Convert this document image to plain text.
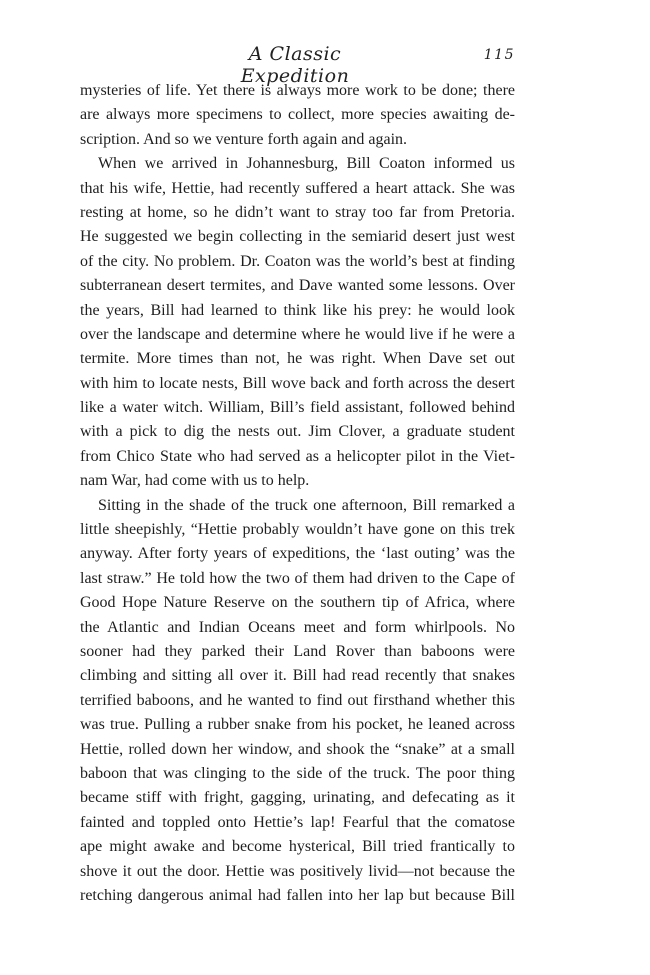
A Classic Expedition
115
mysteries of life. Yet there is always more work to be done; there
are always more specimens to collect, more species awaiting de-
scription. And so we venture forth again and again.
When we arrived in Johannesburg, Bill Coaton informed us
that his wife, Hettie, had recently suffered a heart attack. She was
resting at home, so he didn’t want to stray too far from Pretoria.
He suggested we begin collecting in the semiarid desert just west
of the city. No problem. Dr. Coaton was the world’s best at finding
subterranean desert termites, and Dave wanted some lessons. Over
the years, Bill had learned to think like his prey: he would look
over the landscape and determine where he would live if he were a
termite. More times than not, he was right. When Dave set out
with him to locate nests, Bill wove back and forth across the desert
like a water witch. William, Bill’s field assistant, followed behind
with a pick to dig the nests out. Jim Clover, a graduate student
from Chico State who had served as a helicopter pilot in the Viet-
nam War, had come with us to help.
Sitting in the shade of the truck one afternoon, Bill remarked a
little sheepishly, “Hettie probably wouldn’t have gone on this trek
anyway. After forty years of expeditions, the ‘last outing’ was the
last straw.” He told how the two of them had driven to the Cape of
Good Hope Nature Reserve on the southern tip of Africa, where
the Atlantic and Indian Oceans meet and form whirlpools. No
sooner had they parked their Land Rover than baboons were
climbing and sitting all over it. Bill had read recently that snakes
terrified baboons, and he wanted to find out firsthand whether this
was true. Pulling a rubber snake from his pocket, he leaned across
Hettie, rolled down her window, and shook the “snake” at a small
baboon that was clinging to the side of the truck. The poor thing
became stiff with fright, gagging, urinating, and defecating as it
fainted and toppled onto Hettie’s lap! Fearful that the comatose
ape might awake and become hysterical, Bill tried frantically to
shove it out the door. Hettie was positively livid—not because the
retching dangerous animal had fallen into her lap but because Bill
